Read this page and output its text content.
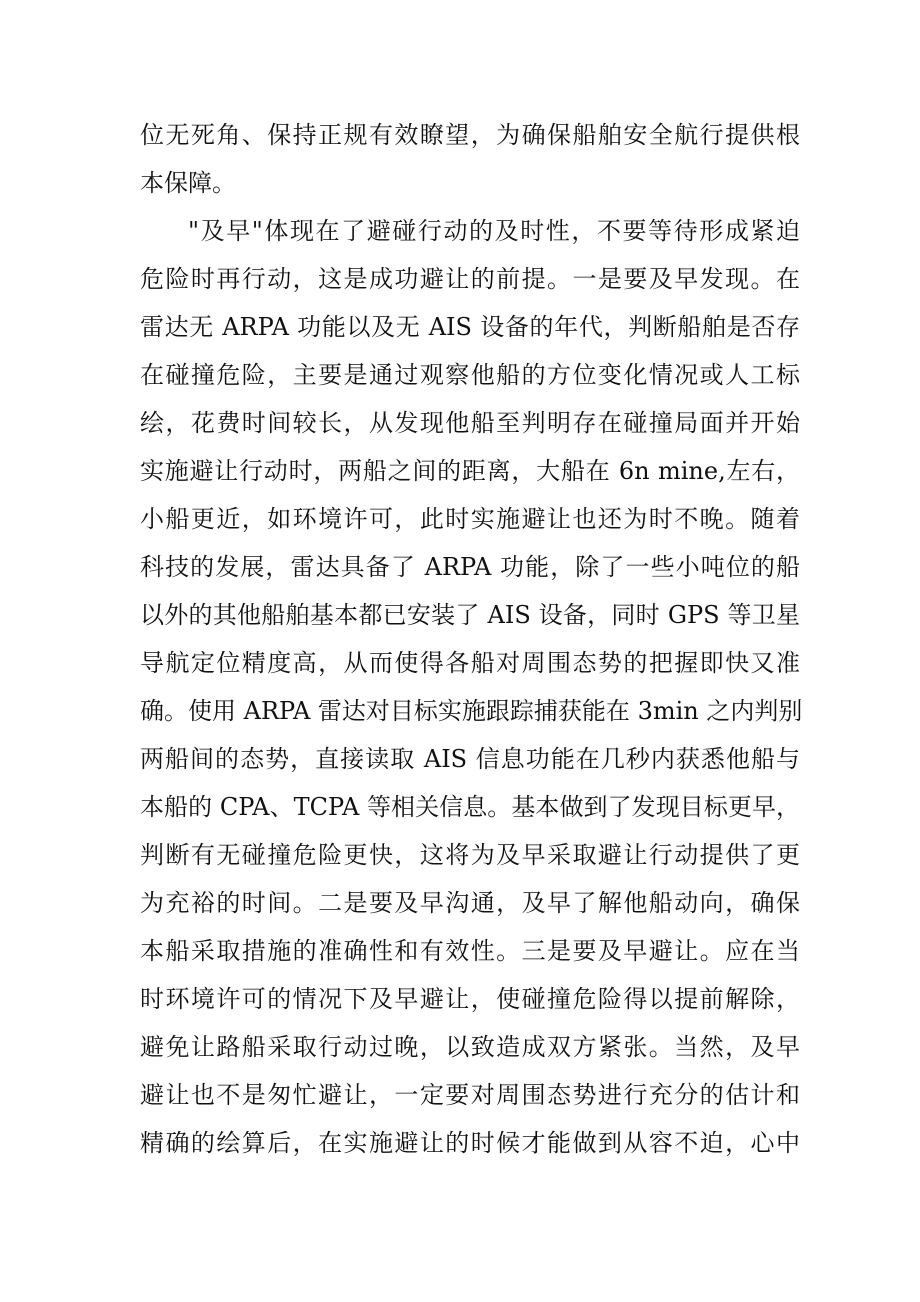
位无死角、保持正规有效瞭望，为确保船舶安全航行提供根
本保障。
"及早"体现在了避碰行动的及时性，不要等待形成紧迫
危险时再行动，这是成功避让的前提。一是要及早发现。在
雷达无 ARPA 功能以及无 AIS 设备的年代，判断船舶是否存
在碰撞危险，主要是通过观察他船的方位变化情况或人工标
绘，花费时间较长，从发现他船至判明存在碰撞局面并开始
实施避让行动时，两船之间的距离，大船在 6n mine,左右，
小船更近，如环境许可，此时实施避让也还为时不晚。随着
科技的发展，雷达具备了 ARPA 功能，除了一些小吨位的船
以外的其他船舶基本都已安装了 AIS 设备，同时 GPS 等卫星
导航定位精度高，从而使得各船对周围态势的把握即快又准
确。使用 ARPA 雷达对目标实施跟踪捕获能在 3min 之内判别
两船间的态势，直接读取 AIS 信息功能在几秒内获悉他船与
本船的 CPA、TCPA 等相关信息。基本做到了发现目标更早，
判断有无碰撞危险更快，这将为及早采取避让行动提供了更
为充裕的时间。二是要及早沟通，及早了解他船动向，确保
本船采取措施的准确性和有效性。三是要及早避让。应在当
时环境许可的情况下及早避让，使碰撞危险得以提前解除，
避免让路船采取行动过晚，以致造成双方紧张。当然，及早
避让也不是匆忙避让，一定要对周围态势进行充分的估计和
精确的绘算后，在实施避让的时候才能做到从容不迫，心中
